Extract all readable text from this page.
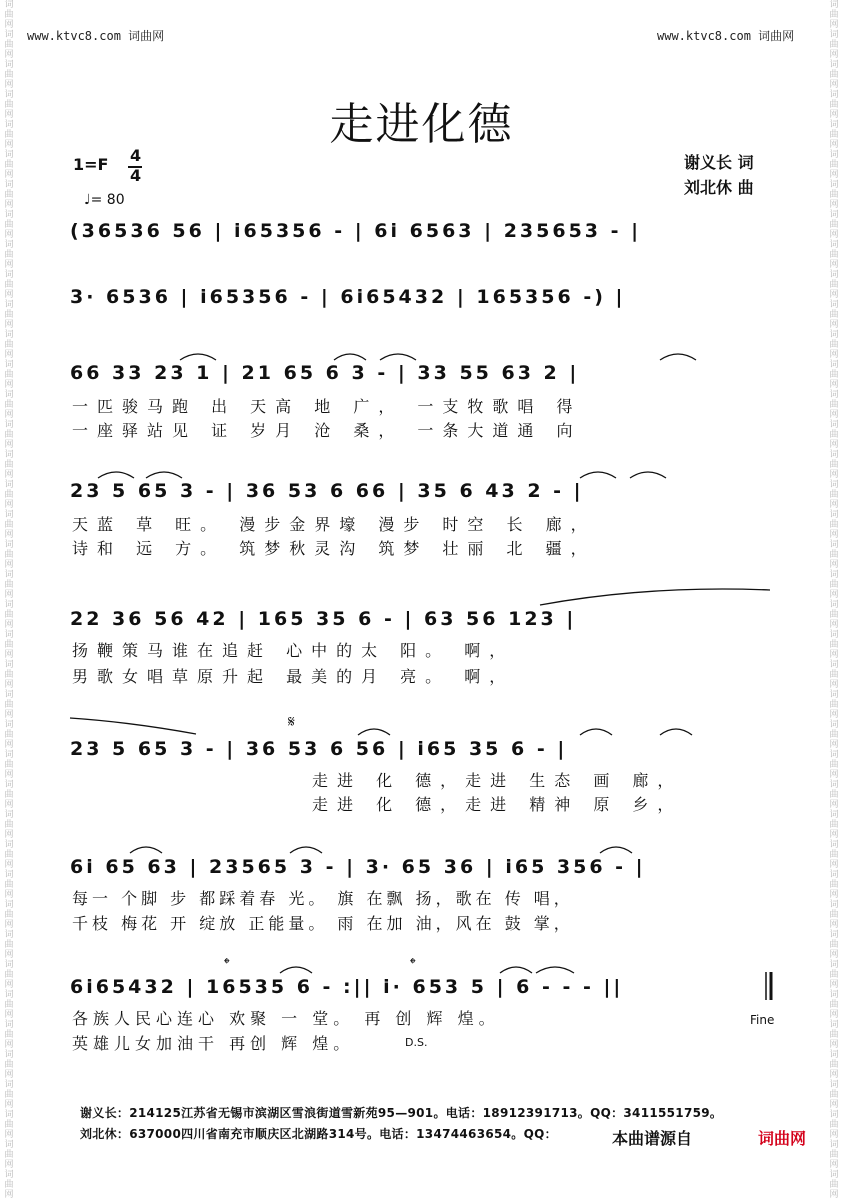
词曲网词曲网词曲网词曲网词曲网词曲网词曲网词曲网词曲网词曲网词曲网词曲网词曲网词曲网词曲网词曲网词曲网词曲网词曲网词曲网词曲网词曲网词曲网词曲网词曲网词曲网词曲网词曲网词曲网词曲网词曲网词曲网词曲网词曲网词曲网词曲网词曲网词曲网词曲网词曲网
词曲网词曲网词曲网词曲网词曲网词曲网词曲网词曲网词曲网词曲网词曲网词曲网词曲网词曲网词曲网词曲网词曲网词曲网词曲网词曲网词曲网词曲网词曲网词曲网词曲网词曲网词曲网词曲网词曲网词曲网词曲网词曲网词曲网词曲网词曲网词曲网词曲网词曲网词曲网词曲网
www.ktvc8.com 词曲网	www.ktvc8.com 词曲网
走进化德
1=F 4
4
♩= 80
谢义长 词
刘北休 曲
(36536 56 | i65356 - | 6i 6563 | 235653 - |
3· 6536 | i65356 - | 6i65432 | 165356 -) |
66 33 23 1 | 21 65 6 3 - | 33 55 63 2 |
一匹骏马跑 出 天高 地 广， 一支牧歌唱 得
一座驿站见 证 岁月 沧 桑， 一条大道通 向
23 5 65 3 - | 36 53 6 66 | 35 6 43 2 - |
天蓝 草 旺。 漫步金界壕 漫步 时空 长 廊，
诗和 远 方。 筑梦秋灵沟 筑梦 壮丽 北 疆，
22 36 56 42 | 165 35 6 - | 63 56 123 |
扬鞭策马谁在追赶 心中的太 阳。 啊，
男歌女唱草原升起 最美的月 亮。 啊，
𝄋
23 5 65 3 - | 36 53 6 56 | i65 35 6 - |
走进 化 德，走进 生态 画 廊，
走进 化 德，走进 精神 原 乡，
6i 65 63 | 23565 3 - | 3· 65 36 | i65 356 - |
每一 个脚 步 都踩着春 光。 旗 在飘 扬，歌在 传 唱，
千枝 梅花 开 绽放 正能量。 雨 在加 油，风在 鼓 掌，
𝄌	𝄌
6i65432 | 16535 6 - :|| i· 653 5 | 6 - - - ||
各族人民心连心 欢聚 一 堂。 再 创 辉 煌。
英雄儿女加油干 再创 辉 煌。	D.S.
Fine
谢义长：214125江苏省无锡市滨湖区雪浪街道雪新苑95—901。电话：18912391713。QQ：3411551759。
刘北休：637000四川省南充市顺庆区北湖路314号。电话：13474463654。QQ：	本曲谱源自	词曲网
